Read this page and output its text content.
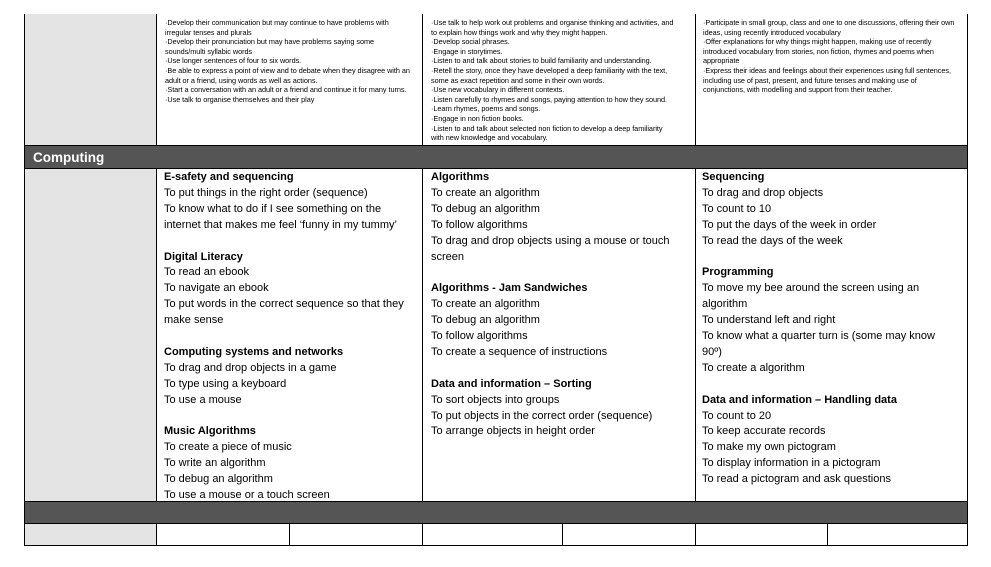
Computing
·Develop their communication but may continue to have problems with
irregular tenses and plurals
·Develop their pronunciation but may have problems saying some
sounds/multi syllabic words
·Use longer sentences of four to six words.
·Be able to express a point of view and to debate when they disagree with an
adult or a friend, using words as well as actions.
·Start a conversation with an adult or a friend and continue it for many turns.
·Use talk to organise themselves and their play
·Use talk to help work out problems and organise thinking and activities, and
to explain how things work and why they might happen.
·Develop social phrases.
·Engage in storytimes.
·Listen to and talk about stories to build familiarity and understanding.
·Retell the story, once they have developed a deep familiarity with the text,
some as exact repetition and some in their own words.
·Use new vocabulary in different contexts.
·Listen carefully to rhymes and songs, paying attention to how they sound.
·Learn rhymes, poems and songs.
·Engage in non fiction books.
·Listen to and talk about selected non fiction to develop a deep familiarity
with new knowledge and vocabulary.
·Participate in small group, class and one to one discussions, offering their own
ideas, using recently introduced vocabulary
·Offer explanations for why things might happen, making use of recently
introduced vocabulary from stories, non fiction, rhymes and poems when
appropriate
·Express their ideas and feelings about their experiences using full sentences,
including use of past, present, and future tenses and making use of
conjunctions, with modelling and support from their teacher.
E-safety and sequencing
To put things in the right order (sequence)
To know what to do if I see something on the
internet that makes me feel ‘funny in my tummy’
Digital Literacy
To read an ebook
To navigate an ebook
To put words in the correct sequence so that they
make sense
Computing systems and networks
To drag and drop objects in a game
To type using a keyboard
To use a mouse
Music Algorithms
To create a piece of music
To write an algorithm
To debug an algorithm
To use a mouse or a touch screen
Algorithms
To create an algorithm
To debug an algorithm
To follow algorithms
To drag and drop objects using a mouse or touch
screen
Algorithms - Jam Sandwiches
To create an algorithm
To debug an algorithm
To follow algorithms
To create a sequence of instructions
Data and information – Sorting
To sort objects into groups
To put objects in the correct order (sequence)
To arrange objects in height order
Sequencing
To drag and drop objects
To count to 10
To put the days of the week in order
To read the days of the week
Programming
To move my bee around the screen using an
algorithm
To understand left and right
To know what a quarter turn is (some may know
90º)
To create a algorithm
Data and information – Handling data
To count to 20
To keep accurate records
To make my own pictogram
To display information in a pictogram
To read a pictogram and ask questions
